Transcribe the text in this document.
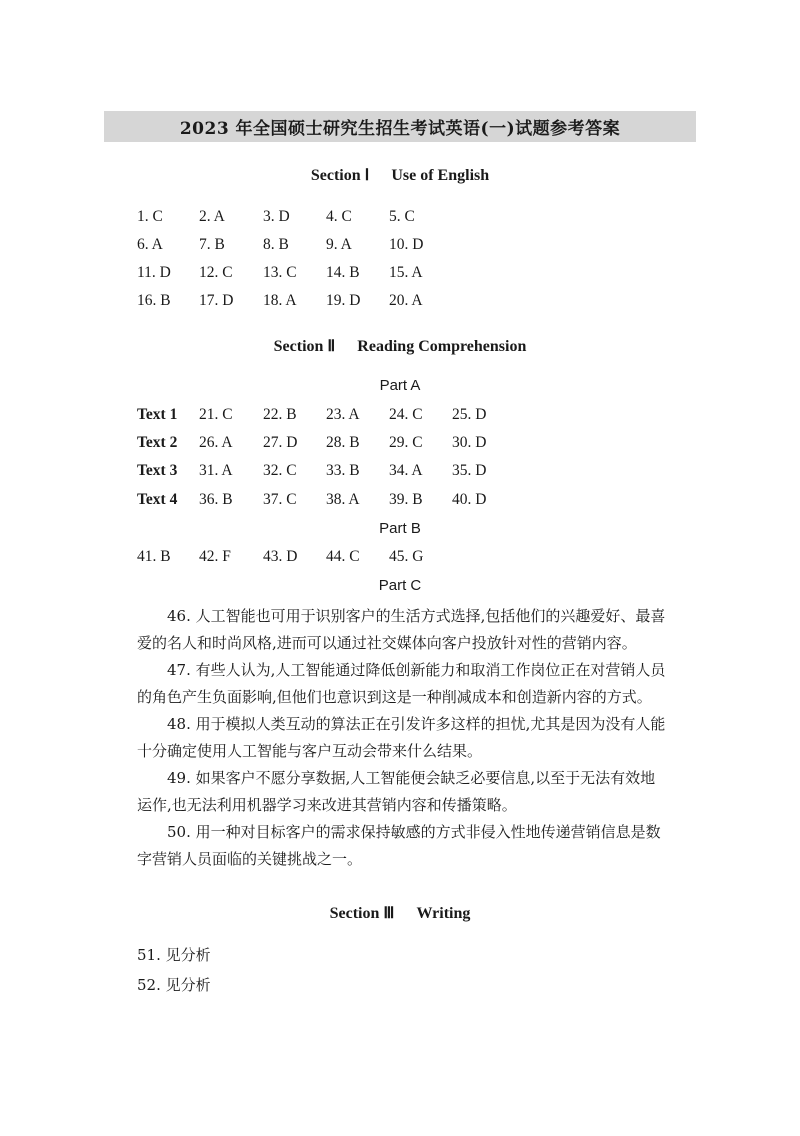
2023 年全国硕士研究生招生考试英语(一)试题参考答案
Section Ⅰ Use of English
1. C 2. A 3. D 4. C 5. C
6. A 7. B 8. B 9. A 10. D
11. D 12. C 13. C 14. B 15. A
16. B 17. D 18. A 19. D 20. A
Section Ⅱ Reading Comprehension
Part A
Text 1 21. C 22. B 23. A 24. C 25. D
Text 2 26. A 27. D 28. B 29. C 30. D
Text 3 31. A 32. C 33. B 34. A 35. D
Text 4 36. B 37. C 38. A 39. B 40. D
Part B
41. B 42. F 43. D 44. C 45. G
Part C
46. 人工智能也可用于识别客户的生活方式选择,包括他们的兴趣爱好、最喜
爱的名人和时尚风格,进而可以通过社交媒体向客户投放针对性的营销内容。
47. 有些人认为,人工智能通过降低创新能力和取消工作岗位正在对营销人员
的角色产生负面影响,但他们也意识到这是一种削减成本和创造新内容的方式。
48. 用于模拟人类互动的算法正在引发许多这样的担忧,尤其是因为没有人能
十分确定使用人工智能与客户互动会带来什么结果。
49. 如果客户不愿分享数据,人工智能便会缺乏必要信息,以至于无法有效地
运作,也无法利用机器学习来改进其营销内容和传播策略。
50. 用一种对目标客户的需求保持敏感的方式非侵入性地传递营销信息是数
字营销人员面临的关键挑战之一。
Section Ⅲ Writing
51. 见分析
52. 见分析
